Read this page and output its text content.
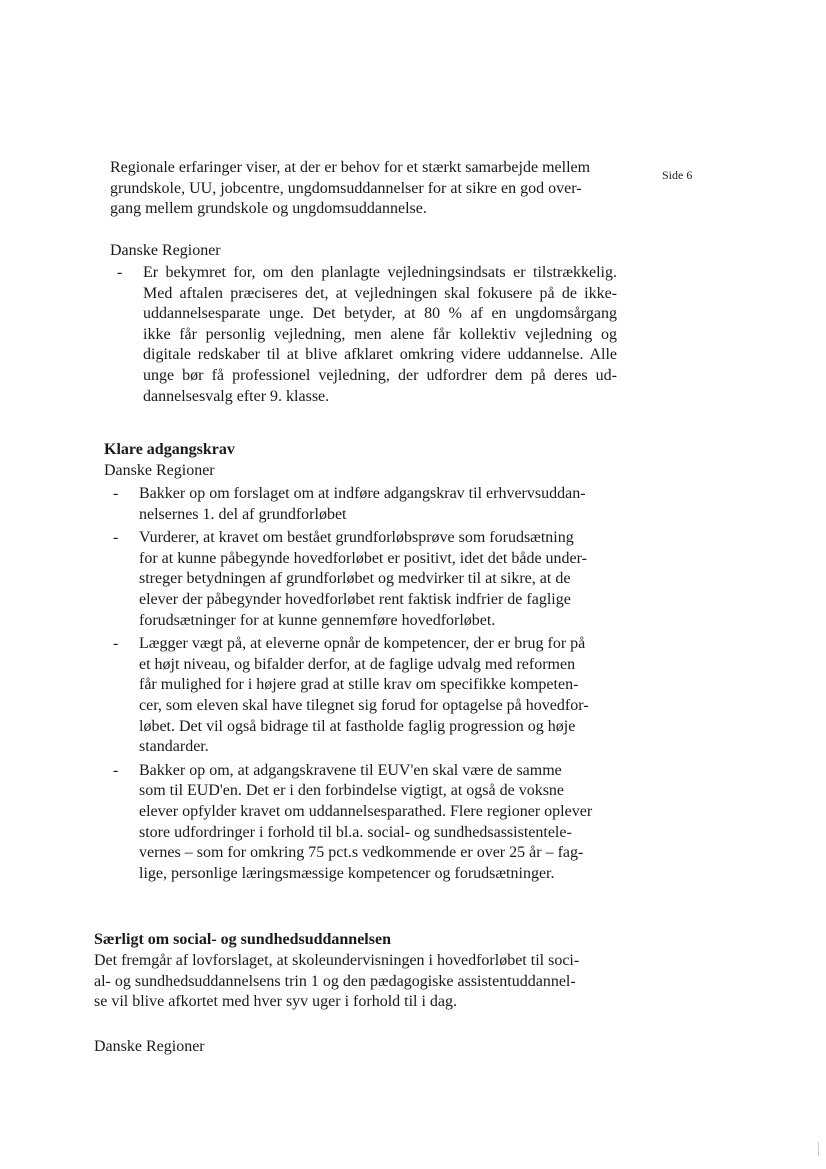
Side 6

Regionale erfaringer viser, at der er behov for et stærkt samarbejde mellem
grundskole, UU, jobcentre, ungdomsuddannelser for at sikre en god over-
gang mellem grundskole og ungdomsuddannelse.

Danske Regioner

- Er bekymret for, om den planlagte vejledningsindsats er tilstrækkelig.
Med aftalen præciseres det, at vejledningen skal fokusere på de ikke-
uddannelsesparate unge. Det betyder, at 80 % af en ungdomsårgang
ikke får personlig vejledning, men alene får kollektiv vejledning og
digitale redskaber til at blive afklaret omkring videre uddannelse. Alle
unge bør få professionel vejledning, der udfordrer dem på deres ud-
dannelsesvalg efter 9. klasse.

Klare adgangskrav

Danske Regioner

- Bakker op om forslaget om at indføre adgangskrav til erhvervsuddan-
nelsernes 1. del af grundforløbet
- Vurderer, at kravet om bestået grundforløbsprøve som forudsætning
for at kunne påbegynde hovedforløbet er positivt, idet det både under-
streger betydningen af grundforløbet og medvirker til at sikre, at de
elever der påbegynder hovedforløbet rent faktisk indfrier de faglige
forudsætninger for at kunne gennemføre hovedforløbet.
- Lægger vægt på, at eleverne opnår de kompetencer, der er brug for på
et højt niveau, og bifalder derfor, at de faglige udvalg med reformen
får mulighed for i højere grad at stille krav om specifikke kompeten-
cer, som eleven skal have tilegnet sig forud for optagelse på hovedfor-
løbet. Det vil også bidrage til at fastholde faglig progression og høje
standarder.
- Bakker op om, at adgangskravene til EUV'en skal være de samme
som til EUD'en. Det er i den forbindelse vigtigt, at også de voksne
elever opfylder kravet om uddannelsesparathed. Flere regioner oplever
store udfordringer i forhold til bl.a. social- og sundhedsassistentele-
vernes – som for omkring 75 pct.s vedkommende er over 25 år – fag-
lige, personlige læringsmæssige kompetencer og forudsætninger.

Særligt om social- og sundhedsuddannelsen

Det fremgår af lovforslaget, at skoleundervisningen i hovedforløbet til soci-
al- og sundhedsuddannelsens trin 1 og den pædagogiske assistentuddannel-
se vil blive afkortet med hver syv uger i forhold til i dag.

Danske Regioner
